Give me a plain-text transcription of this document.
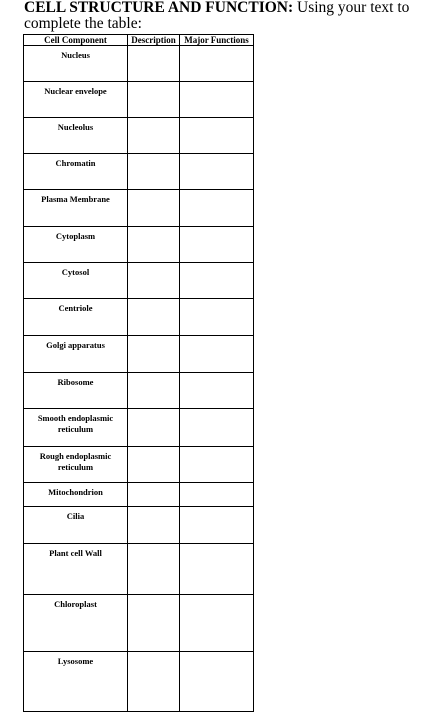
CELL STRUCTURE AND FUNCTION: Using your text to complete the table:

Cell Component	Description	Major Functions
Nucleus		
Nuclear envelope		
Nucleolus		
Chromatin		
Plasma Membrane		
Cytoplasm		
Cytosol		
Centriole		
Golgi apparatus		
Ribosome		
Smooth endoplasmic reticulum		
Rough endoplasmic reticulum		
Mitochondrion		
Cilia		
Plant cell Wall		
Chloroplast		
Lysosome		
